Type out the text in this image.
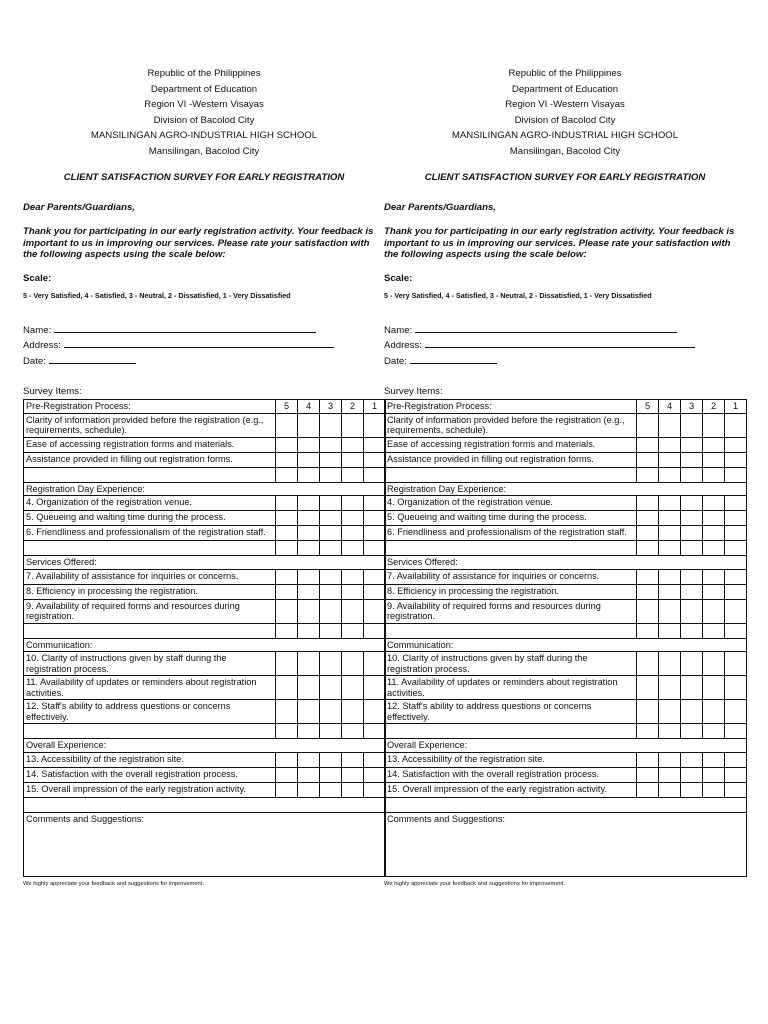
Republic of the Philippines
Department of Education
Region VI -Western Visayas
Division of Bacolod City
MANSILINGAN AGRO-INDUSTRIAL HIGH SCHOOL
Mansilingan, Bacolod City
CLIENT SATISFACTION SURVEY FOR EARLY REGISTRATION
Dear Parents/Guardians,
Thank you for participating in our early registration activity. Your feedback is important to us in improving our services. Please rate your satisfaction with the following aspects using the scale below:
Scale:
5 - Very Satisfied, 4 - Satisfied, 3 - Neutral, 2 - Dissatisfied, 1 - Very Dissatisfied
Name:
Address:
Date:
Survey Items:
Pre-Registration Process:	5	4	3	2	1
Clarity of information provided before the registration (e.g., requirements, schedule).					
Ease of accessing registration forms and materials.					
Assistance provided in filling out registration forms.					

Registration Day Experience:					
4. Organization of the registration venue.					
5. Queueing and waiting time during the process.					
6. Friendliness and professionalism of the registration staff.					

Services Offered:					
7. Availability of assistance for inquiries or concerns.					
8. Efficiency in processing the registration.					
9. Availability of required forms and resources during registration.					

Communication:					
10. Clarity of instructions given by staff during the registration process.					
11. Availability of updates or reminders about registration activities.					
12. Staff's ability to address questions or concerns effectively.					

Overall Experience:					
13. Accessibility of the registration site.					
14. Satisfaction with the overall registration process.					
15. Overall impression of the early registration activity.					

Comments and Suggestions:					
We highly appreciate your feedback and suggestions for improvement.
Republic of the Philippines
Department of Education
Region VI -Western Visayas
Division of Bacolod City
MANSILINGAN AGRO-INDUSTRIAL HIGH SCHOOL
Mansilingan, Bacolod City
CLIENT SATISFACTION SURVEY FOR EARLY REGISTRATION
Dear Parents/Guardians,
Thank you for participating in our early registration activity. Your feedback is important to us in improving our services. Please rate your satisfaction with the following aspects using the scale below:
Scale:
5 - Very Satisfied, 4 - Satisfied, 3 - Neutral, 2 - Dissatisfied, 1 - Very Dissatisfied
Name:
Address:
Date:
Survey Items:
Pre-Registration Process:	5	4	3	2	1
Clarity of information provided before the registration (e.g., requirements, schedule).					
Ease of accessing registration forms and materials.					
Assistance provided in filling out registration forms.					

Registration Day Experience:					
4. Organization of the registration venue.					
5. Queueing and waiting time during the process.					
6. Friendliness and professionalism of the registration staff.					

Services Offered:					
7. Availability of assistance for inquiries or concerns.					
8. Efficiency in processing the registration.					
9. Availability of required forms and resources during registration.					

Communication:					
10. Clarity of instructions given by staff during the registration process.					
11. Availability of updates or reminders about registration activities.					
12. Staff's ability to address questions or concerns effectively.					

Overall Experience:					
13. Accessibility of the registration site.					
14. Satisfaction with the overall registration process.					
15. Overall impression of the early registration activity.					

Comments and Suggestions:					
We highly appreciate your feedback and suggestions for improvement.
